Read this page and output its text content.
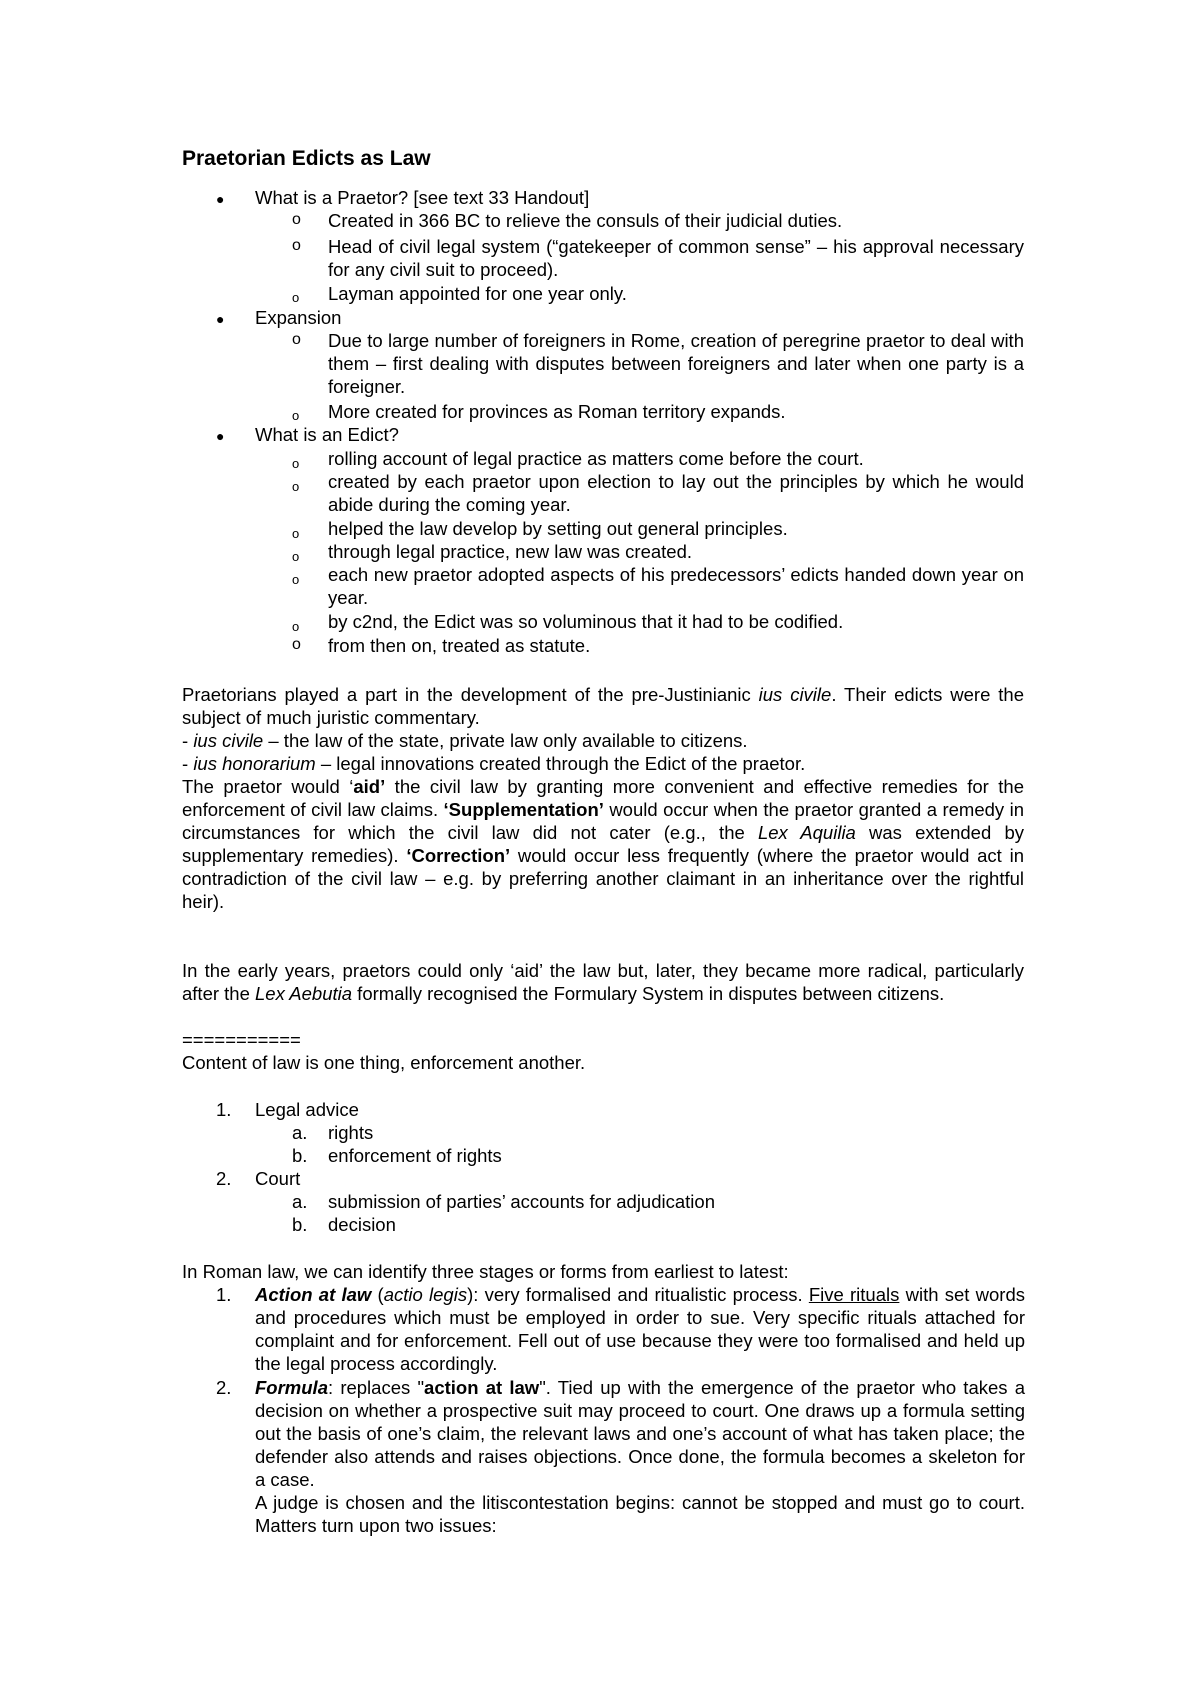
Praetorian Edicts as Law
● What is a Praetor? [see text 33 Handout]
o Created in 366 BC to relieve the consuls of their judicial duties.
o Head of civil legal system (“gatekeeper of common sense” – his approval necessary for any civil suit to proceed).
o Layman appointed for one year only.
● Expansion
o Due to large number of foreigners in Rome, creation of peregrine praetor to deal with them – first dealing with disputes between foreigners and later when one party is a foreigner.
o More created for provinces as Roman territory expands.
● What is an Edict?
o rolling account of legal practice as matters come before the court.
o created by each praetor upon election to lay out the principles by which he would abide during the coming year.
o helped the law develop by setting out general principles.
o through legal practice, new law was created.
o each new praetor adopted aspects of his predecessors’ edicts handed down year on year.
o by c2nd, the Edict was so voluminous that it had to be codified.
o from then on, treated as statute.
Praetorians played a part in the development of the pre-Justinianic ius civile. Their edicts were the subject of much juristic commentary.
- ius civile – the law of the state, private law only available to citizens.
- ius honorarium – legal innovations created through the Edict of the praetor.
The praetor would ‘aid’ the civil law by granting more convenient and effective remedies for the enforcement of civil law claims. ‘Supplementation’ would occur when the praetor granted a remedy in circumstances for which the civil law did not cater (e.g., the Lex Aquilia was extended by supplementary remedies). ‘Correction’ would occur less frequently (where the praetor would act in contradiction of the civil law – e.g. by preferring another claimant in an inheritance over the rightful heir).
In the early years, praetors could only ‘aid’ the law but, later, they became more radical, particularly after the Lex Aebutia formally recognised the Formulary System in disputes between citizens.
===========
Content of law is one thing, enforcement another.
1. Legal advice
a. rights
b. enforcement of rights
2. Court
a. submission of parties’ accounts for adjudication
b. decision
In Roman law, we can identify three stages or forms from earliest to latest:
1. Action at law (actio legis): very formalised and ritualistic process. Five rituals with set words and procedures which must be employed in order to sue. Very specific rituals attached for complaint and for enforcement. Fell out of use because they were too formalised and held up the legal process accordingly.
2. Formula: replaces "action at law". Tied up with the emergence of the praetor who takes a decision on whether a prospective suit may proceed to court. One draws up a formula setting out the basis of one’s claim, the relevant laws and one’s account of what has taken place; the defender also attends and raises objections. Once done, the formula becomes a skeleton for a case.
A judge is chosen and the litiscontestation begins: cannot be stopped and must go to court. Matters turn upon two issues:
